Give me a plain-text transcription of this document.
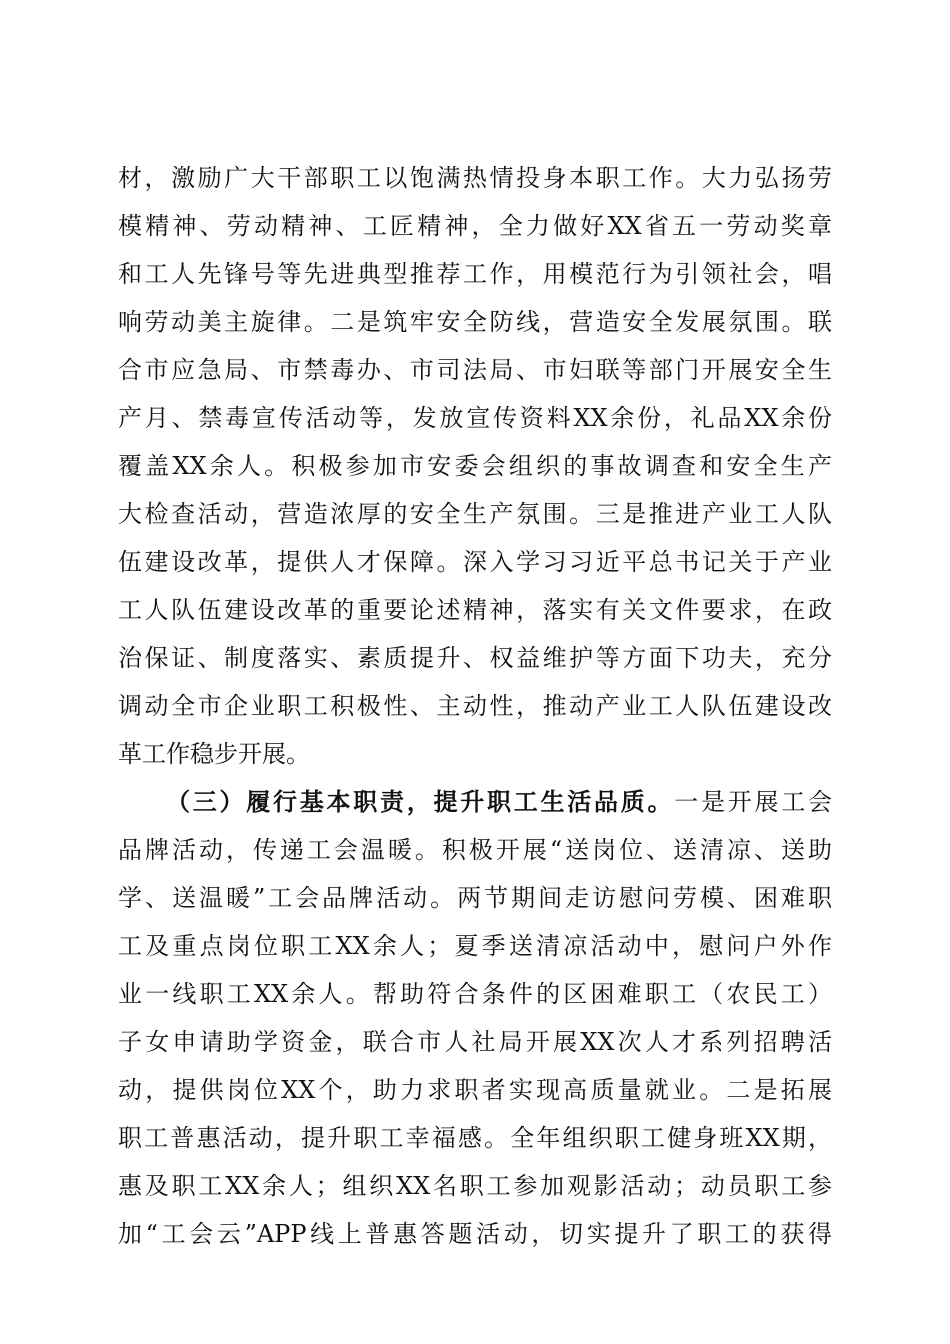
材，激励广大干部职工以饱满热情投身本职工作。大力弘扬劳
模精神、劳动精神、工匠精神，全力做好XX省五一劳动奖章
和工人先锋号等先进典型推荐工作，用模范行为引领社会，唱
响劳动美主旋律。二是筑牢安全防线，营造安全发展氛围。联
合市应急局、市禁毒办、市司法局、市妇联等部门开展安全生
产月、禁毒宣传活动等，发放宣传资料XX余份，礼品XX余份
覆盖XX余人。积极参加市安委会组织的事故调查和安全生产
大检查活动，营造浓厚的安全生产氛围。三是推进产业工人队
伍建设改革，提供人才保障。深入学习习近平总书记关于产业
工人队伍建设改革的重要论述精神，落实有关文件要求，在政
治保证、制度落实、素质提升、权益维护等方面下功夫，充分
调动全市企业职工积极性、主动性，推动产业工人队伍建设改
革工作稳步开展。
（三）履行基本职责，提升职工生活品质。一是开展工会
品牌活动，传递工会温暖。积极开展“送岗位、送清凉、送助
学、送温暖”工会品牌活动。两节期间走访慰问劳模、困难职
工及重点岗位职工XX余人；夏季送清凉活动中，慰问户外作
业一线职工XX余人。帮助符合条件的区困难职工（农民工）
子女申请助学资金，联合市人社局开展XX次人才系列招聘活
动，提供岗位XX个，助力求职者实现高质量就业。二是拓展
职工普惠活动，提升职工幸福感。全年组织职工健身班XX期，
惠及职工XX余人；组织XX名职工参加观影活动；动员职工参
加“工会云”APP线上普惠答题活动，切实提升了职工的获得
